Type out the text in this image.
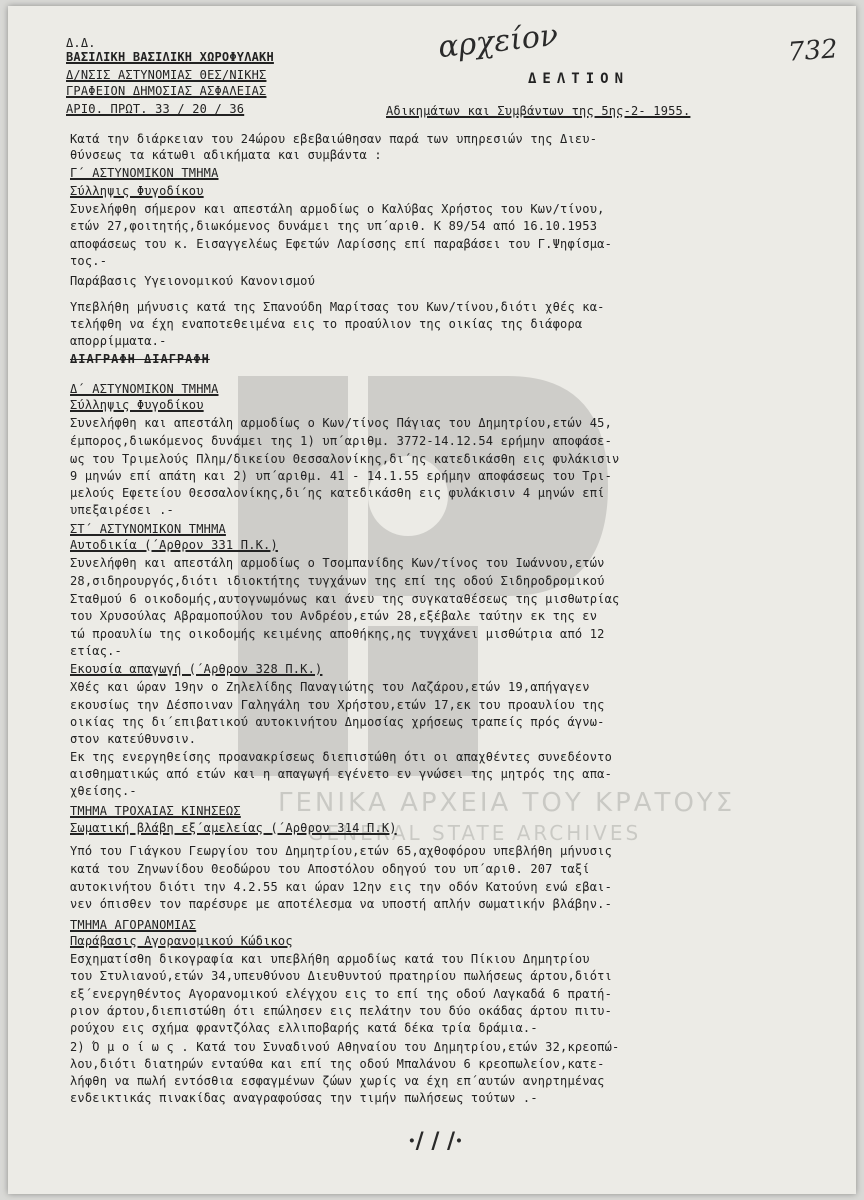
ΓΕΝΙΚΑ ΑΡΧΕΙΑ ΤΟΥ ΚΡΑΤΟΥΣ
GENERAL STATE ARCHIVES
αρχείον	732
·/ / /·
Δ.Δ.
ΒΑΣΙΛΙΚΗ ΒΑΣΙΛΙΚΗ ΧΩΡΟΦΥΛΑΚΗ
Δ/ΝΣΙΣ ΑΣΤΥΝΟΜΙΑΣ ΘΕΣ/ΝΙΚΗΣ
ΓΡΑΦΕΙΟΝ ΔΗΜΟΣΙΑΣ ΑΣΦΑΛΕΙΑΣ
ΑΡΙΘ. ΠΡΩΤ. 33 / 20 / 36
ΔΕΛΤΙΟΝ
Αδικημάτων και Συμβάντων της 5ης-2- 1955.
Κατά την διάρκειαν του 24ώρου εβεβαιώθησαν παρά των υπηρεσιών της Διευ-
θύνσεως τα κάτωθι αδικήματα και συμβάντα :
Γ΄ ΑΣΤΥΝΟΜΙΚΟΝ ΤΜΗΜΑ
Σύλληψις Φυγοδίκου
Συνελήφθη σήμερον και απεστάλη αρμοδίως ο Καλύβας Χρήστος του Κων/τίνου,
ετών 27,φοιτητής,διωκόμενος δυνάμει της υπ΄αριθ. Κ 89/54 από 16.10.1953
αποφάσεως του κ. Εισαγγελέως Εφετών Λαρίσσης επί παραβάσει του Γ.Ψηφίσμα-
τος.-
Παράβασις Υγειονομικού Κανονισμού
Υπεβλήθη μήνυσις κατά της Σπανούδη Μαρίτσας του Κων/τίνου,διότι χθές κα-
τελήφθη να έχη εναποτεθειμένα εις το προαύλιον της οικίας της διάφορα
απορρίμματα.-
ΔΙΑΓΡΑΦΗ ΔΙΑΓΡΑΦΗ
Δ΄ ΑΣΤΥΝΟΜΙΚΟΝ ΤΜΗΜΑ
Σύλληψις Φυγοδίκου
Συνελήφθη και απεστάλη αρμοδίως ο Κων/τίνος Πάγιας του Δημητρίου,ετών 45,
έμπορος,διωκόμενος δυνάμει της 1) υπ΄αριθμ. 3772-14.12.54 ερήμην αποφάσε-
ως του Τριμελούς Πλημ/δικείου Θεσσαλονίκης,δι΄ης κατεδικάσθη εις φυλάκισιν
9 μηνών επί απάτη και 2) υπ΄αριθμ. 41 - 14.1.55 ερήμην αποφάσεως του Τρι-
μελούς Εφετείου Θεσσαλονίκης,δι΄ης κατεδικάσθη εις φυλάκισιν 4 μηνών επί
υπεξαιρέσει .-
ΣΤ΄ ΑΣΤΥΝΟΜΙΚΟΝ ΤΜΗΜΑ
Αυτοδικία (΄Αρθρον 331 Π.Κ.)
Συνελήφθη και απεστάλη αρμοδίως ο Τσομπανίδης Κων/τίνος του Ιωάννου,ετών
28,σιδηρουργός,διότι ιδιοκτήτης τυγχάνων της επί της οδού Σιδηροδρομικού
Σταθμού 6 οικοδομής,αυτογνωμόνως και άνευ της συγκαταθέσεως της μισθωτρίας
του Χρυσούλας Αβραμοπούλου του Ανδρέου,ετών 28,εξέβαλε ταύτην εκ της εν
τώ προαυλίω της οικοδομής κειμένης αποθήκης,ης τυγχάνει μισθώτρια από 12
ετίας.-
Εκουσία απαγωγή (΄Αρθρον 328 Π.Κ.)
Χθές και ώραν 19ην ο Ζηλελίδης Παναγιώτης του Λαζάρου,ετών 19,απήγαγεν
εκουσίως την Δέσποιναν Γαληγάλη του Χρήστου,ετών 17,εκ του προαυλίου της
οικίας της δι΄επιβατικού αυτοκινήτου Δημοσίας χρήσεως τραπείς πρός άγνω-
στον κατεύθυνσιν.
Εκ της ενεργηθείσης προανακρίσεως διεπιστώθη ότι οι απαχθέντες συνεδέοντο
αισθηματικώς από ετών και η απαγωγή εγένετο εν γνώσει της μητρός της απα-
χθείσης.-
ΤΜΗΜΑ ΤΡΟΧΑΙΑΣ ΚΙΝΗΣΕΩΣ
Σωματική βλάβη εξ΄αμελείας (΄Αρθρον 314 Π.Κ)
Υπό του Γιάγκου Γεωργίου του Δημητρίου,ετών 65,αχθοφόρου υπεβλήθη μήνυσις
κατά του Ζηνωνίδου Θεοδώρου του Αποστόλου οδηγού του υπ΄αριθ. 207 ταξί
αυτοκινήτου διότι την 4.2.55 και ώραν 12ην εις την οδόν Κατούνη ενώ εβαι-
νεν όπισθεν τον παρέσυρε με αποτέλεσμα να υποστή απλήν σωματικήν βλάβην.-
ΤΜΗΜΑ ΑΓΟΡΑΝΟΜΙΑΣ
Παράβασις Αγορανομικού Κώδικος
Εσχηματίσθη δικογραφία και υπεβλήθη αρμοδίως κατά του Πίκιου Δημητρίου
του Στυλιανού,ετών 34,υπευθύνου Διευθυντού πρατηρίου πωλήσεως άρτου,διότι
εξ΄ενεργηθέντος Αγορανομικού ελέγχου εις το επί της οδού Λαγκαδά 6 πρατή-
ριον άρτου,διεπιστώθη ότι επώλησεν εις πελάτην του δύο οκάδας άρτου πιτυ-
ρούχου εις σχήμα φραντζόλας ελλιποβαρής κατά δέκα τρία δράμια.-
2) Ό μ ο ί ω ς . Κατά του Συναδινού Αθηναίου του Δημητρίου,ετών 32,κρεοπώ-
λου,διότι διατηρών ενταύθα και επί της οδού Μπαλάνου 6 κρεοπωλείον,κατε-
λήφθη να πωλή εντόσθια εσφαγμένων ζώων χωρίς να έχη επ΄αυτών ανηρτημένας
ενδεικτικάς πινακίδας αναγραφούσας την τιμήν πωλήσεως τούτων .-
